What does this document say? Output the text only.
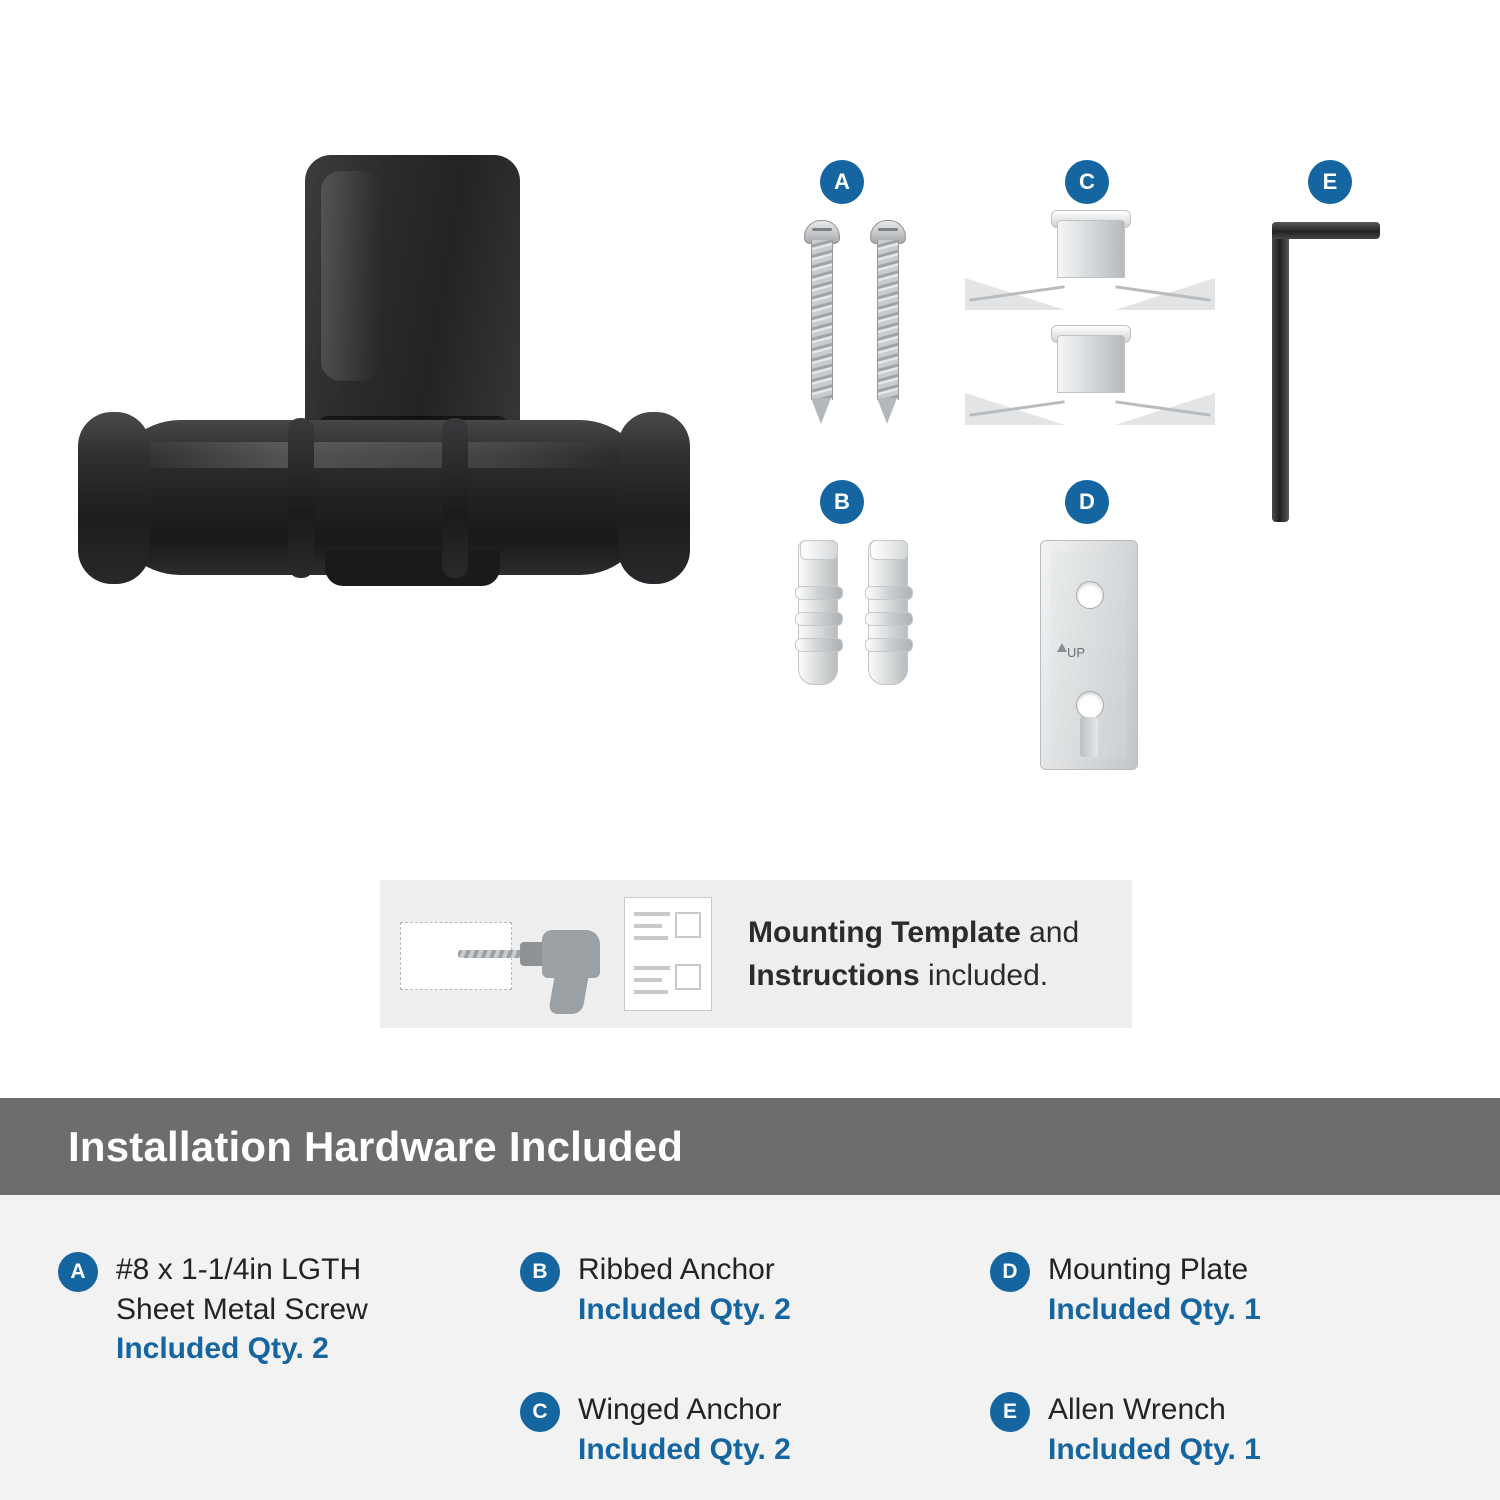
A	C	E
B	D
UP
Mounting Template and
Instructions included.
Installation Hardware Included
A	#8 x 1-1/4in LGTH
Sheet Metal Screw
Included Qty. 2
B	Ribbed Anchor
Included Qty. 2
C	Winged Anchor
Included Qty. 2
D	Mounting Plate
Included Qty. 1
E	Allen Wrench
Included Qty. 1
